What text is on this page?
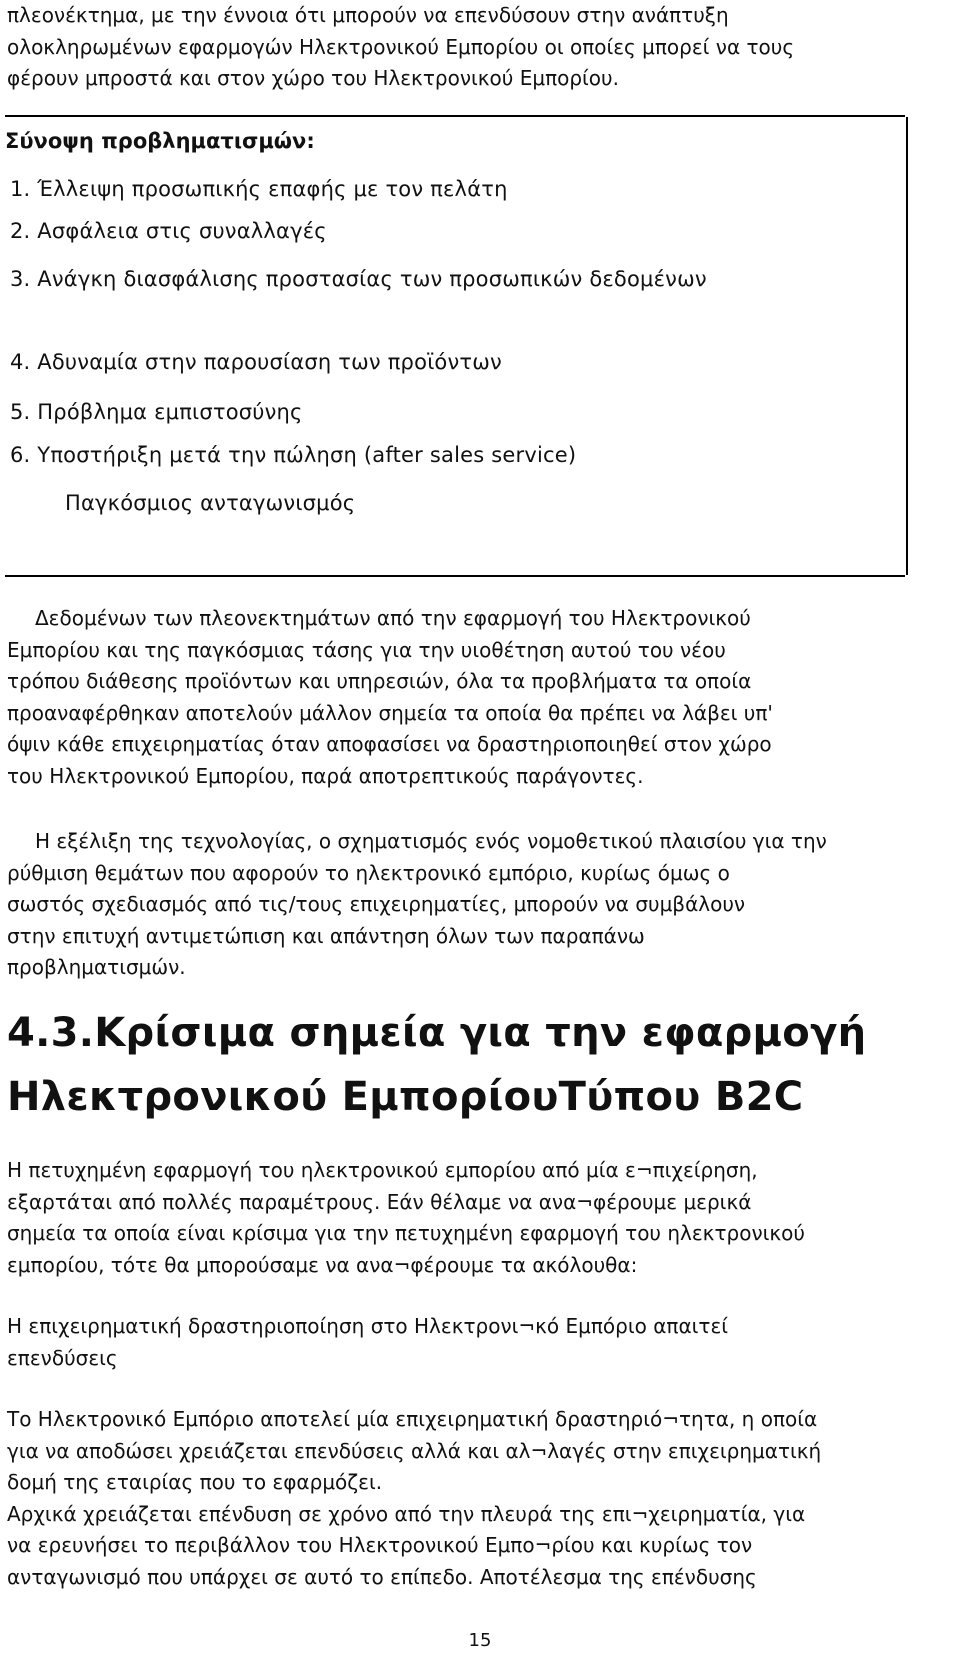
πλεονέκτημα, με την έννοια ότι μπορούν να επενδύσουν στην ανάπτυξη
ολοκληρωμένων εφαρμογών Ηλεκτρονικού Εμπορίου οι οποίες μπορεί να τους
φέρουν μπροστά και στον χώρο του Ηλεκτρονικού Εμπορίου.
Σύνοψη προβληματισμών:
1. Έλλειψη προσωπικής επαφής με τον πελάτη
2. Ασφάλεια στις συναλλαγές
3. Ανάγκη διασφάλισης προστασίας των προσωπικών δεδομένων
4. Αδυναμία στην παρουσίαση των προϊόντων
5. Πρόβλημα εμπιστοσύνης
6. Υποστήριξη μετά την πώληση (after sales service)
Παγκόσμιος ανταγωνισμός
Δεδομένων των πλεονεκτημάτων από την εφαρμογή του Ηλεκτρονικού
Εμπορίου και της παγκόσμιας τάσης για την υιοθέτηση αυτού του νέου
τρόπου διάθεσης προϊόντων και υπηρεσιών, όλα τα προβλήματα τα οποία
προαναφέρθηκαν αποτελούν μάλλον σημεία τα οποία θα πρέπει να λάβει υπ'
όψιν κάθε επιχειρηματίας όταν αποφασίσει να δραστηριοποιηθεί στον χώρο
του Ηλεκτρονικού Εμπορίου, παρά αποτρεπτικούς παράγοντες.
Η εξέλιξη της τεχνολογίας, ο σχηματισμός ενός νομοθετικού πλαισίου για την
ρύθμιση θεμάτων που αφορούν το ηλεκτρονικό εμπόριο, κυρίως όμως ο
σωστός σχεδιασμός από τις/τους επιχειρηματίες, μπορούν να συμβάλουν
στην επιτυχή αντιμετώπιση και απάντηση όλων των παραπάνω
προβληματισμών.
4.3.Κρίσιμα σημεία για την εφαρμογή
Ηλεκτρονικού ΕμπορίουΤύπου B2C
Η πετυχημένη εφαρμογή του ηλεκτρονικού εμπορίου από μία ε¬πιχείρηση,
εξαρτάται από πολλές παραμέτρους. Εάν θέλαμε να ανα¬φέρουμε μερικά
σημεία τα οποία είναι κρίσιμα για την πετυχημένη εφαρμογή του ηλεκτρονικού
εμπορίου, τότε θα μπορούσαμε να ανα¬φέρουμε τα ακόλουθα:
Η επιχειρηματική δραστηριοποίηση στο Ηλεκτρονι¬κό Εμπόριο απαιτεί
επενδύσεις
Το Ηλεκτρονικό Εμπόριο αποτελεί μία επιχειρηματική δραστηριό¬τητα, η οποία
για να αποδώσει χρειάζεται επενδύσεις αλλά και αλ¬λαγές στην επιχειρηματική
δομή της εταιρίας που το εφαρμόζει.
Αρχικά χρειάζεται επένδυση σε χρόνο από την πλευρά της επι¬χειρηματία, για
να ερευνήσει το περιβάλλον του Ηλεκτρονικού Εμπο¬ρίου και κυρίως τον
ανταγωνισμό που υπάρχει σε αυτό το επίπεδο. Αποτέλεσμα της επένδυσης
15
